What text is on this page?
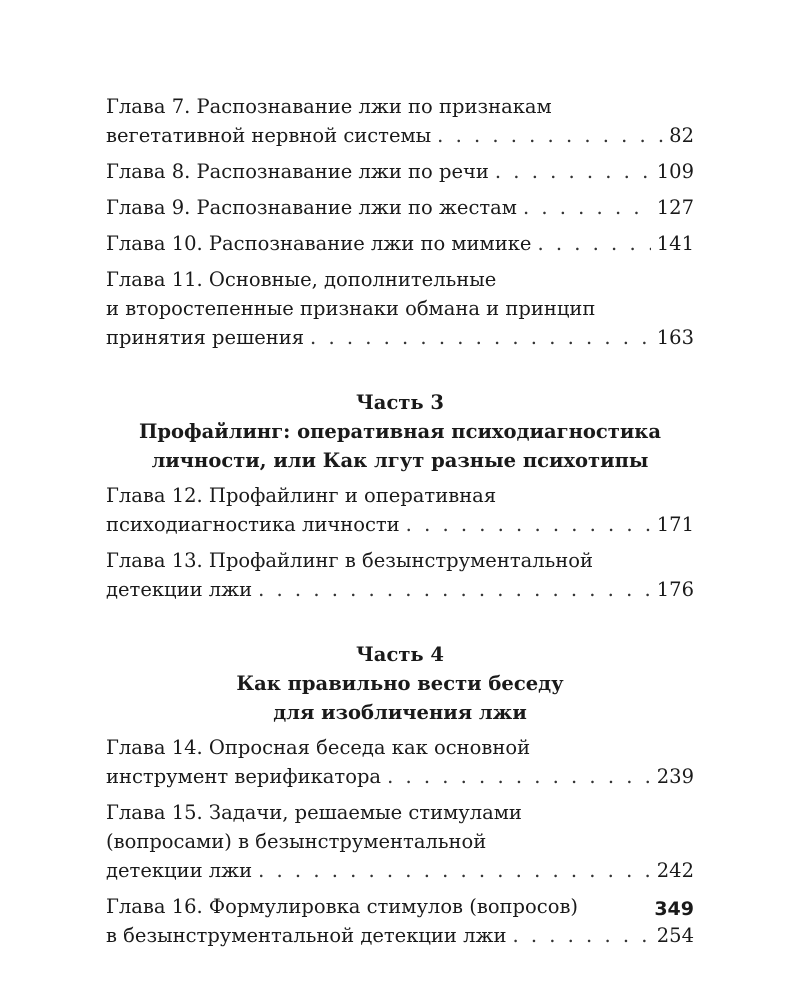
Глава 7. Распознавание лжи по признакам
вегетативной нервной системы . . .	82
Глава 8. Распознавание лжи по речи . . .	109
Глава 9. Распознавание лжи по жестам . . .	127
Глава 10. Распознавание лжи по мимике . . .	141
Глава 11. Основные, дополнительные
и второстепенные признаки обмана и принцип
принятия решения . . .	163
Часть 3
Профайлинг: оперативная психодиагностика
личности, или Как лгут разные психотипы
Глава 12. Профайлинг и оперативная
психодиагностика личности . . .	171
Глава 13. Профайлинг в безынструментальной
детекции лжи . . .	176
Часть 4
Как правильно вести беседу
для изобличения лжи
Глава 14. Опросная беседа как основной
инструмент верификатора . . .	239
Глава 15. Задачи, решаемые стимулами
(вопросами) в безынструментальной
детекции лжи . . .	242
Глава 16. Формулировка стимулов (вопросов)
в безынструментальной детекции лжи . . .	254
349
